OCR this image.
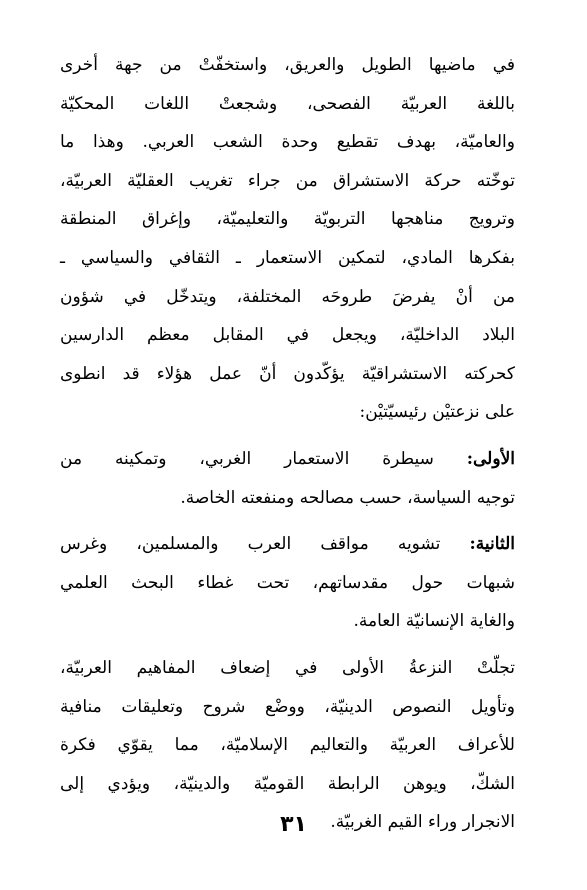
في ماضيها الطويل والعريق، واستخفّتْ من جهة أخرى
باللغة العربيّة الفصحى، وشجعتْ اللغات المحكيّة
والعاميّة، بهدف تقطيع وحدة الشعب العربي. وهذا ما
توخّته حركة الاستشراق من جراء تغريب العقليّة العربيّة،
وترويج مناهجها التربويّة والتعليميّة، وإغراق المنطقة
بفكرها المادي، لتمكين الاستعمار ـ الثقافي والسياسي ـ
من أنْ يفرضَ طروحَه المختلفة، ويتدخّل في شؤون
البلاد الداخليّة، ويجعل في المقابل معظم الدارسين
كحركته الاستشراقيّة يؤكّدون أنّ عمل هؤلاء قد انطوى
على نزعتيْن رئيسيّتيْن:

الأولى: سيطرة الاستعمار الغربي، وتمكينه من
توجيه السياسة، حسب مصالحه ومنفعته الخاصة.

الثانية: تشويه مواقف العرب والمسلمين، وغرس
شبهات حول مقدساتهم، تحت غطاء البحث العلمي
والغاية الإنسانيّة العامة.

تجلّتْ النزعةُ الأولى في إضعاف المفاهيم العربيّة،
وتأويل النصوص الدينيّة، ووضْع شروح وتعليقات منافية
للأعراف العربيّة والتعاليم الإسلاميّة، مما يقوّي فكرة
الشكّ، ويوهن الرابطة القوميّة والدينيّة، ويؤدي إلى
الانجرار وراء القيم الغربيّة.

٣١
